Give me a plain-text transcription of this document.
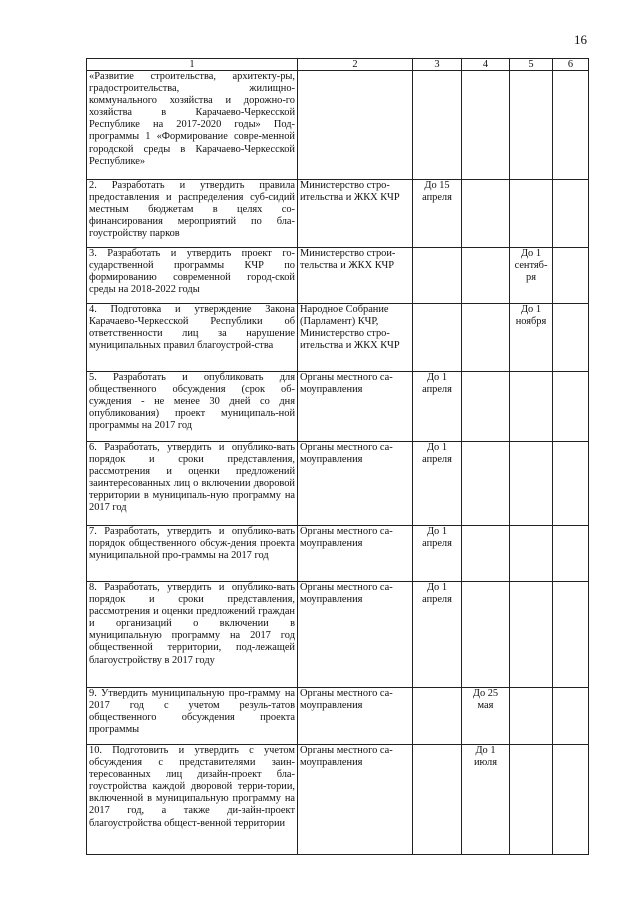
16
1	2	3	4	5	6
«Развитие строительства, архитекту-ры, градостроительства, жилищно-коммунального хозяйства и дорожно-го хозяйства в Карачаево-Черкесской Республике на 2017-2020 годы» Под-программы 1 «Формирование совре-менной городской среды в Карачаево-Черкесской Республике»					
2. Разработать и утвердить правила предоставления и распределения суб-сидий местным бюджетам в целях со-финансирования мероприятий по бла-гоустройству парков	Министерство стро-ительства и ЖКХ КЧР	До 15 апреля			
3. Разработать и утвердить проект го-сударственной программы КЧР по формированию современной город-ской среды на 2018-2022 годы	Министерство строи-тельства и ЖКХ КЧР			До 1 сентяб-ря	
4. Подготовка и утверждение Закона Карачаево-Черкесской Республики об ответственности лиц за нарушение муниципальных правил благоустрой-ства	Народное Собрание (Парламент) КЧР, Министерство стро-ительства и ЖКХ КЧР			До 1 ноября	
5. Разработать и опубликовать для общественного обсуждения (срок об-суждения - не менее 30 дней со дня опубликования) проект муниципаль-ной программы на 2017 год	Органы местного са-моуправления	До 1 апреля			
6. Разработать, утвердить и опублико-вать порядок и сроки представления, рассмотрения и оценки предложений заинтересованных лиц о включении дворовой территории в муниципаль-ную программу на 2017 год	Органы местного са-моуправления	До 1 апреля			
7. Разработать, утвердить и опублико-вать порядок общественного обсуж-дения проекта муниципальной про-граммы на 2017 год	Органы местного са-моуправления	До 1 апреля			
8. Разработать, утвердить и опублико-вать порядок и сроки представления, рассмотрения и оценки предложений граждан и организаций о включении в муниципальную программу на 2017 год общественной территории, под-лежащей благоустройству в 2017 году	Органы местного са-моуправления	До 1 апреля			
9. Утвердить муниципальную про-грамму на 2017 год с учетом резуль-татов общественного обсуждения проекта программы	Органы местного са-моуправления		До 25 мая		
10. Подготовить и утвердить с учетом обсуждения с представителями заин-тересованных лиц дизайн-проект бла-гоустройства каждой дворовой терри-тории, включенной в муниципальную программу на 2017 год, а также ди-зайн-проект благоустройства общест-венной территории	Органы местного са-моуправления		До 1 июля		
